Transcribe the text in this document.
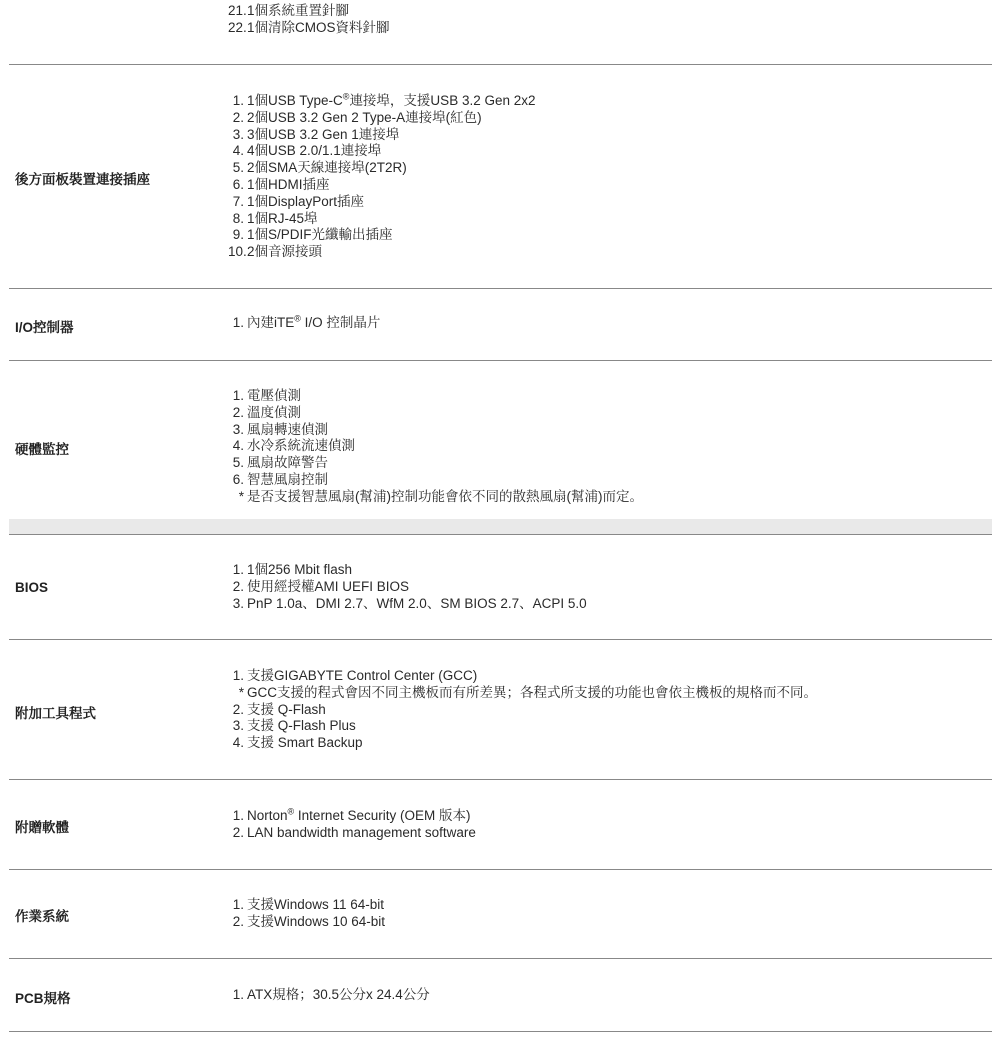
21. 1個系統重置針腳
22. 1個清除CMOS資料針腳
後方面板裝置連接插座
1. 1個USB Type-C®連接埠，支援USB 3.2 Gen 2x2
2. 2個USB 3.2 Gen 2 Type-A連接埠(紅色)
3. 3個USB 3.2 Gen 1連接埠
4. 4個USB 2.0/1.1連接埠
5. 2個SMA天線連接埠(2T2R)
6. 1個HDMI插座
7. 1個DisplayPort插座
8. 1個RJ-45埠
9. 1個S/PDIF光纖輸出插座
10. 2個音源接頭
I/O控制器	1. 內建iTE® I/O 控制晶片
硬體監控
1. 電壓偵測
2. 溫度偵測
3. 風扇轉速偵測
4. 水冷系統流速偵測
5. 風扇故障警告
6. 智慧風扇控制
* 是否支援智慧風扇(幫浦)控制功能會依不同的散熱風扇(幫浦)而定。
BIOS
1. 1個256 Mbit flash
2. 使用經授權AMI UEFI BIOS
3. PnP 1.0a、DMI 2.7、WfM 2.0、SM BIOS 2.7、ACPI 5.0
附加工具程式
1. 支援GIGABYTE Control Center (GCC)
* GCC支援的程式會因不同主機板而有所差異；各程式所支援的功能也會依主機板的規格而不同。
2. 支援 Q-Flash
3. 支援 Q-Flash Plus
4. 支援 Smart Backup
附贈軟體
1. Norton® Internet Security (OEM 版本)
2. LAN bandwidth management software
作業系統
1. 支援Windows 11 64-bit
2. 支援Windows 10 64-bit
PCB規格	1. ATX規格；30.5公分x 24.4公分
